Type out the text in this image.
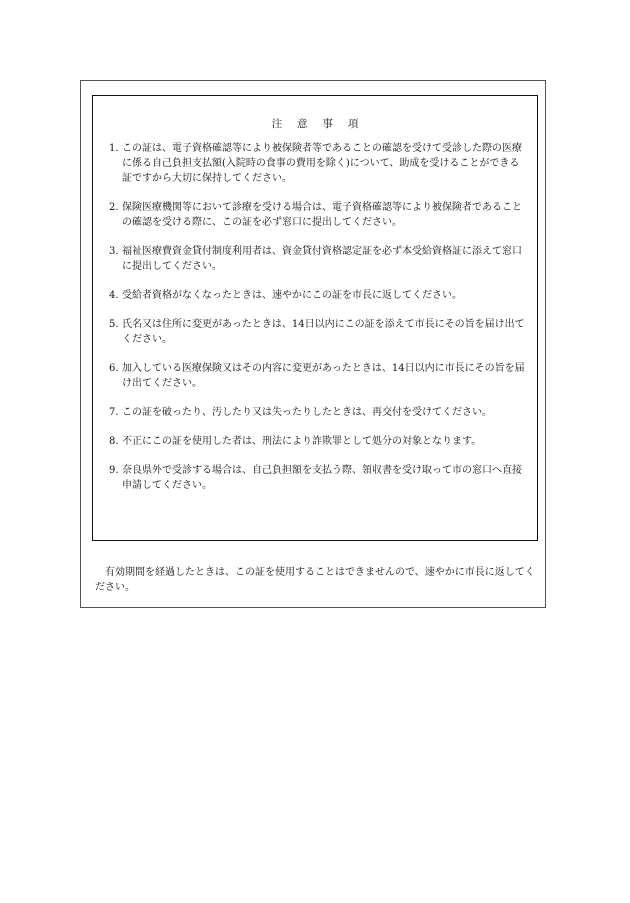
注 意 事 項
1. この証は、電子資格確認等により被保険者等であることの確認を受けて受診した際の医療に係る自己負担支払額(入院時の食事の費用を除く)について、助成を受けることができる証ですから大切に保持してください。
2. 保険医療機関等において診療を受ける場合は、電子資格確認等により被保険者であることの確認を受ける際に、この証を必ず窓口に提出してください。
3. 福祉医療費資金貸付制度利用者は、資金貸付資格認定証を必ず本受給資格証に添えて窓口に提出してください。
4. 受給者資格がなくなったときは、速やかにこの証を市長に返してください。
5. 氏名又は住所に変更があったときは、14日以内にこの証を添えて市長にその旨を届け出てください。
6. 加入している医療保険又はその内容に変更があったときは、14日以内に市長にその旨を届け出てください。
7. この証を破ったり、汚したり又は失ったりしたときは、再交付を受けてください。
8. 不正にこの証を使用した者は、刑法により詐欺罪として処分の対象となります。
9. 奈良県外で受診する場合は、自己負担額を支払う際、領収書を受け取って市の窓口へ直接申請してください。
有効期間を経過したときは、この証を使用することはできませんので、速やかに市長に返してください。
